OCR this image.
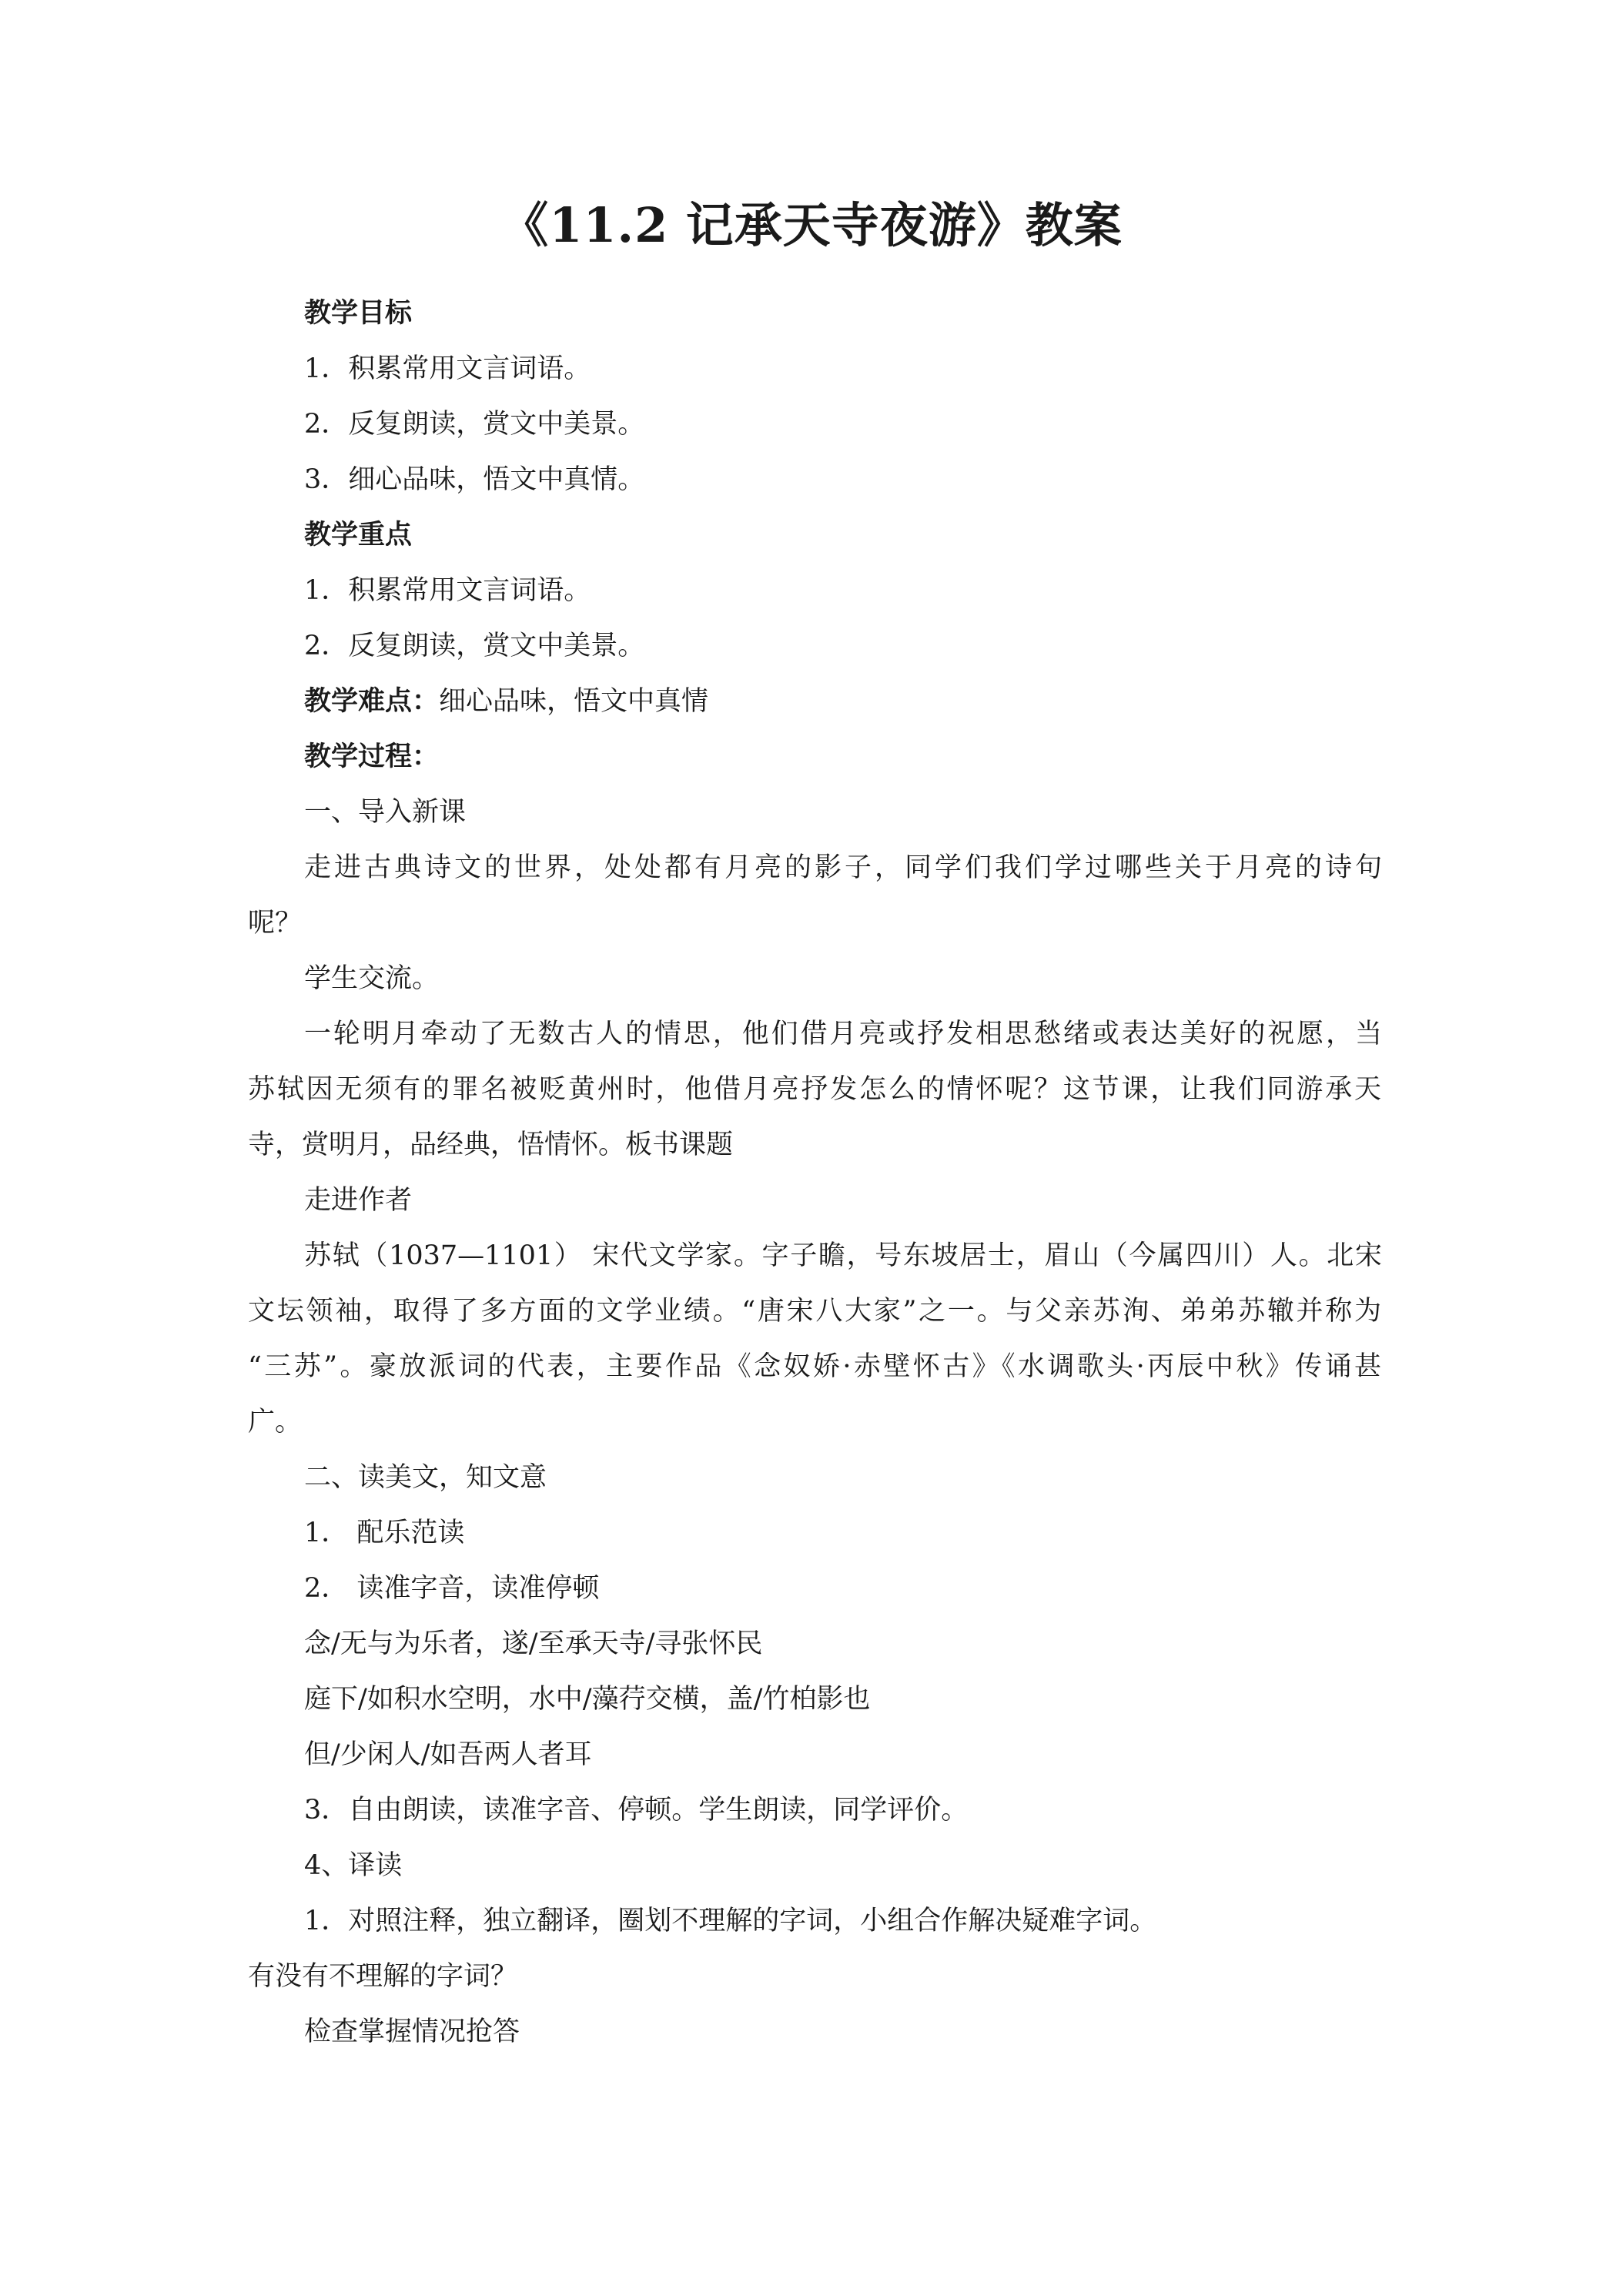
《11.2 记承天寺夜游》教案
教学目标
1．积累常用文言词语。
2．反复朗读，赏文中美景。
3．细心品味，悟文中真情。
教学重点
1．积累常用文言词语。
2．反复朗读，赏文中美景。
教学难点：细心品味，悟文中真情
教学过程：
一、导入新课
走进古典诗文的世界，处处都有月亮的影子，同学们我们学过哪些关于月亮的诗句
呢？
学生交流。
一轮明月牵动了无数古人的情思，他们借月亮或抒发相思愁绪或表达美好的祝愿，当
苏轼因无须有的罪名被贬黄州时，他借月亮抒发怎么的情怀呢？这节课，让我们同游承天
寺，赏明月，品经典，悟情怀。板书课题
走进作者
苏轼（1037—1101） 宋代文学家。字子瞻，号东坡居士，眉山（今属四川）人。北宋
文坛领袖，取得了多方面的文学业绩。“唐宋八大家”之一。与父亲苏洵、弟弟苏辙并称为
“三苏”。豪放派词的代表，主要作品《念奴娇·赤壁怀古》《水调歌头·丙辰中秋》传诵甚
广。
二、读美文，知文意
1． 配乐范读
2． 读准字音，读准停顿
念/无与为乐者，遂/至承天寺/寻张怀民
庭下/如积水空明，水中/藻荇交横，盖/竹柏影也
但/少闲人/如吾两人者耳
3．自由朗读，读准字音、停顿。学生朗读，同学评价。
4、译读
1．对照注释，独立翻译，圈划不理解的字词，小组合作解决疑难字词。
有没有不理解的字词？
检查掌握情况抢答
